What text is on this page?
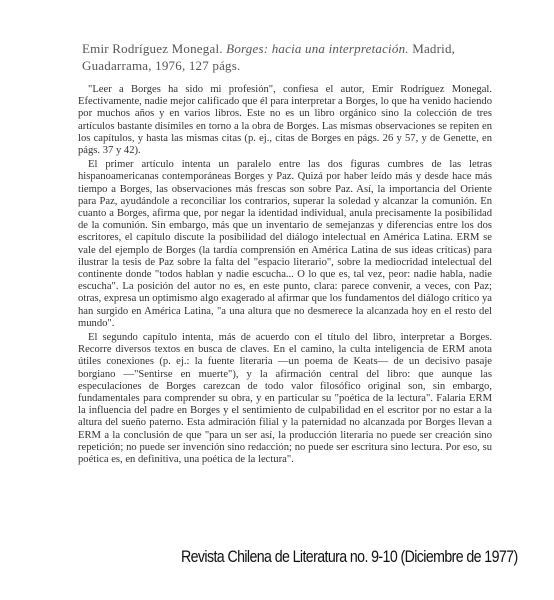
Emir Rodríguez Monegal. Borges: hacia una interpretación. Madrid, Guadarrama, 1976, 127 págs.

"Leer a Borges ha sido mi profesión", confiesa el autor, Emir Rodríguez Monegal. Efectivamente, nadie mejor calificado que él para interpretar a Borges, lo que ha venido haciendo por muchos años y en varios libros. Este no es un libro orgánico sino la colección de tres artículos bastante disímiles en torno a la obra de Borges. Las mismas observaciones se repiten en los capítulos, y hasta las mismas citas (p. ej., citas de Borges en págs. 26 y 57, y de Genette, en págs. 37 y 42).

El primer artículo intenta un paralelo entre las dos figuras cumbres de las letras hispanoamericanas contemporáneas Borges y Paz. Quizá por haber leído más y desde hace más tiempo a Borges, las observaciones más frescas son sobre Paz. Así, la importancia del Oriente para Paz, ayudándole a reconciliar los contrarios, superar la soledad y alcanzar la comunión. En cuanto a Borges, afirma que, por negar la identidad individual, anula precisamente la posibilidad de la comunión. Sin embargo, más que un inventario de semejanzas y diferencias entre los dos escritores, el capítulo discute la posibilidad del diálogo intelectual en América Latina. ERM se vale del ejemplo de Borges (la tardía comprensión en América Latina de sus ideas críticas) para ilustrar la tesis de Paz sobre la falta del "espacio literario", sobre la mediocridad intelectual del continente donde "todos hablan y nadie escucha... O lo que es, tal vez, peor: nadie habla, nadie escucha". La posición del autor no es, en este punto, clara: parece convenir, a veces, con Paz; otras, expresa un optimismo algo exagerado al afirmar que los fundamentos del diálogo crítico ya han surgido en América Latina, "a una altura que no desmerece la alcanzada hoy en el resto del mundo".

El segundo capítulo intenta, más de acuerdo con el título del libro, interpretar a Borges. Recorre diversos textos en busca de claves. En el camino, la culta inteligencia de ERM anota útiles conexiones (p. ej.: la fuente literaria —un poema de Keats— de un decisivo pasaje borgiano —"Sentirse en muerte"), y la afirmación central del libro: que aunque las especulaciones de Borges carezcan de todo valor filosófico original son, sin embargo, fundamentales para comprender su obra, y en particular su "poética de la lectura". Falaria ERM la influencia del padre en Borges y el sentimiento de culpabilidad en el escritor por no estar a la altura del sueño paterno. Esta admiración filial y la paternidad no alcanzada por Borges llevan a ERM a la conclusión de que "para un ser así, la producción literaria no puede ser creación sino repetición; no puede ser invención sino redacción; no puede ser escritura sino lectura. Por eso, su poética es, en definitiva, una poética de la lectura".

Revista Chilena de Literatura no. 9-10 (Diciembre de 1977)
